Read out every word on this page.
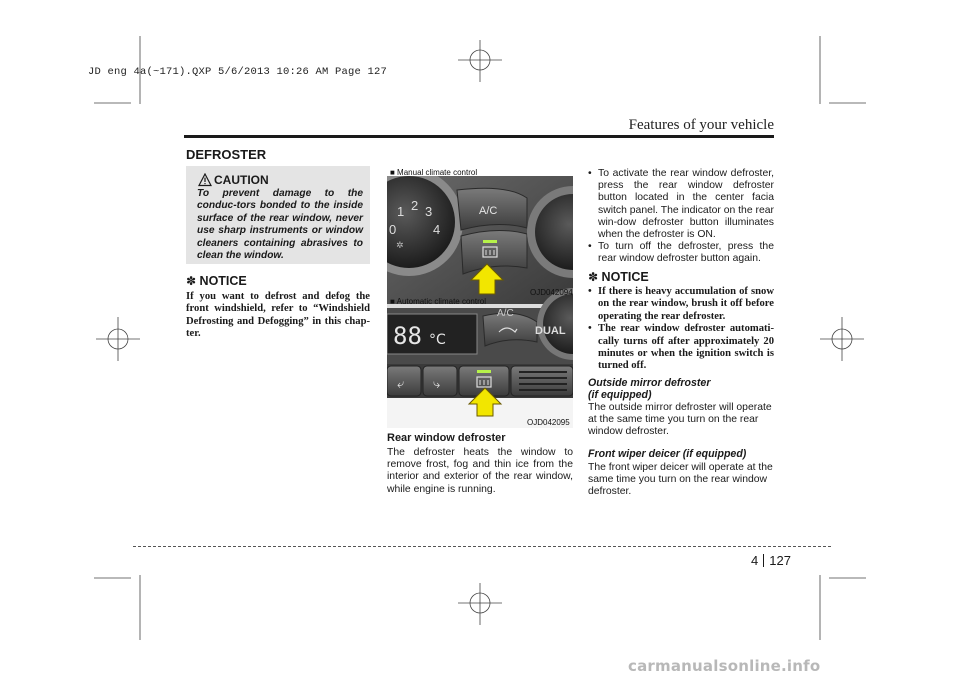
JD eng 4a(~171).QXP 5/6/2013 10:26 AM Page 127
Features of your vehicle
DEFROSTER
CAUTION
To prevent damage to the conduc-tors bonded to the inside surface of the rear window, never use sharp instruments or window cleaners containing abrasives to clean the window.
✽ NOTICE
If you want to defrost and defog the front windshield, refer to “Windshield Defrosting and Defogging” in this chap-ter.
0
1 2 3
4
✲
A/C
88 °C
A/C
DUAL
⤶ ⤷
■ Manual climate control
OJD042094
■ Automatic climate control
OJD042095
Rear window defroster
The defroster heats the window to remove frost, fog and thin ice from the interior and exterior of the rear window, while engine is running.
• To activate the rear window defroster, press the rear window defroster button located in the center facia switch panel. The indicator on the rear win-dow defroster button illuminates when the defroster is ON.
• To turn off the defroster, press the rear window defroster button again.
✽ NOTICE
• If there is heavy accumulation of snow on the rear window, brush it off before operating the rear defroster.
• The rear window defroster automati-cally turns off after approximately 20 minutes or when the ignition switch is turned off.
Outside mirror defroster
(if equipped)
The outside mirror defroster will operate at the same time you turn on the rear window defroster.
Front wiper deicer (if equipped)
The front wiper deicer will operate at the same time you turn on the rear window defroster.
4 127
carmanualsonline.info
